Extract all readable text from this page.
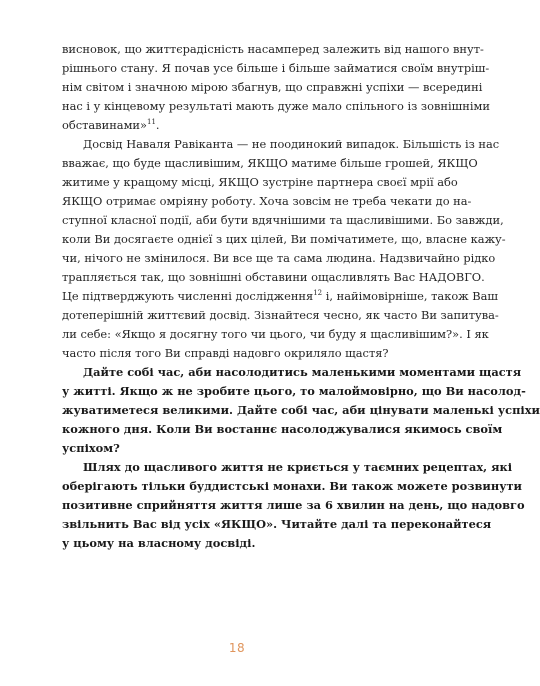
висновок, що життєрадісність насамперед залежить від нашого внут-
рішнього стану. Я почав усе більше і більше займатися своїм внутріш-
нім світом і значною мірою збагнув, що справжні успіхи — всередині
нас і у кінцевому результаті мають дуже мало спільного із зовнішніми
обставинами»$^{11}$.

Досвід Наваля Равіканта — не поодинокий випадок. Більшість із нас
вважає, що буде щасливішим, ЯКЩО матиме більше грошей, ЯКЩО
житиме у кращому місці, ЯКЩО зустріне партнера своєї мрії або
ЯКЩО отримає омріяну роботу. Хоча зовсім не треба чекати до на-
ступної класної події, аби бути вдячнішими та щасливішими. Бо завжди,
коли Ви досягаєте однієї з цих цілей, Ви помічатимете, що, власне кажу-
чи, нічого не змінилося. Ви все ще та сама людина. Надзвичайно рідко
трапляється так, що зовнішні обставини ощасливлять Вас НАДОВГО.
Це підтверджують численні дослідження$^{12}$ і, найімовірніше, також Ваш
дотеперішній життєвий досвід. Зізнайтеся чесно, як часто Ви запитува-
ли себе: «Якщо я досягну того чи цього, чи буду я щасливішим?». І як
часто після того Ви справді надовго окриляло щастя?

Дайте собі час, аби насолодитись маленькими моментами щастя
у житті. Якщо ж не зробите цього, то малоймовірно, що Ви насолод-
жуватиметеся великими. Дайте собі час, аби цінувати маленькі успіхи
кожного дня. Коли Ви востаннє насолоджувалися якимось своїм
успіхом?

Шлях до щасливого життя не криється у таємних рецептах, які
оберігають тільки буддистські монахи. Ви також можете розвинути
позитивне сприйняття життя лише за 6 хвилин на день, що надовго
звільнить Вас від усіх «ЯКЩО». Читайте далі та переконайтеся
у цьому на власному досвіді.

18
